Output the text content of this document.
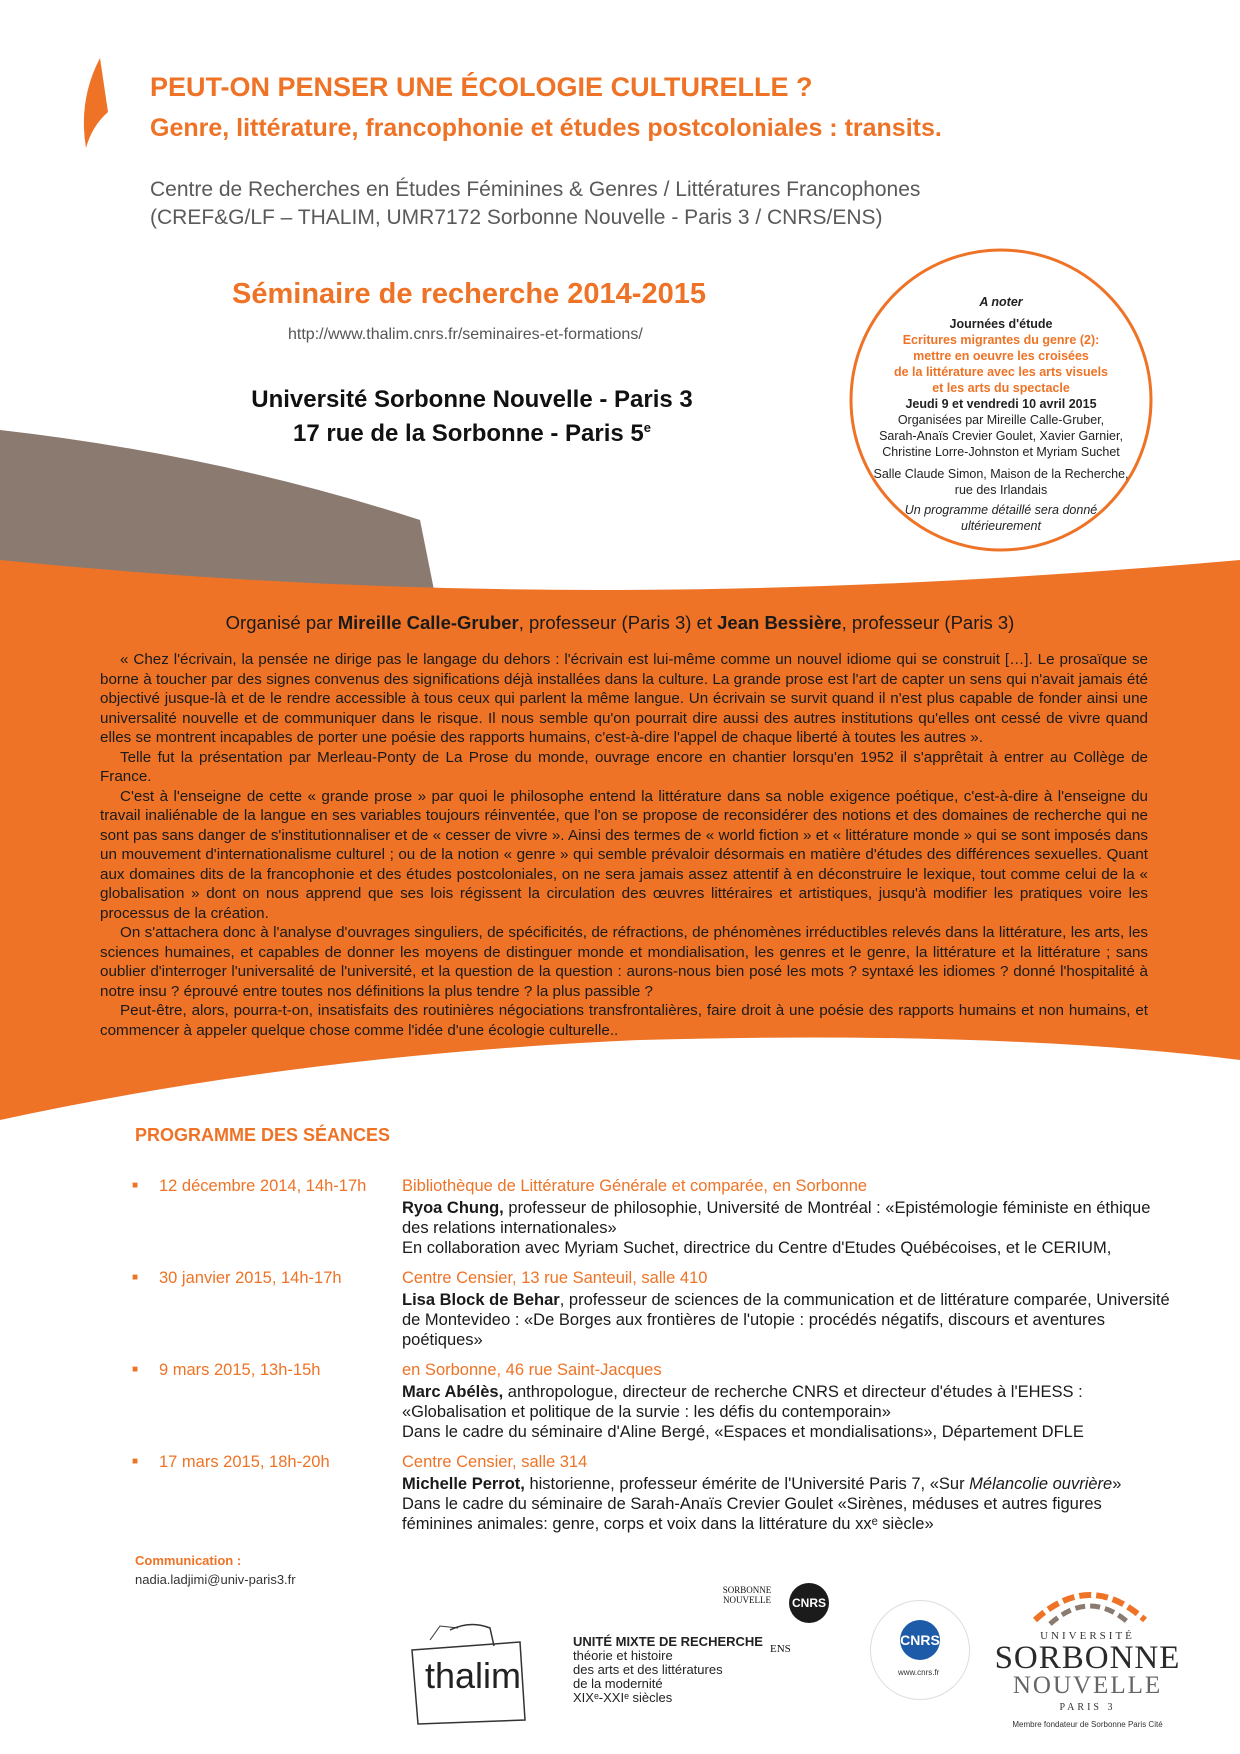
PEUT-ON PENSER UNE ÉCOLOGIE CULTURELLE ?
Genre, littérature, francophonie et études postcoloniales : transits.
Centre de Recherches en Études Féminines & Genres / Littératures Francophones
(CREF&G/LF – THALIM, UMR7172 Sorbonne Nouvelle - Paris 3 / CNRS/ENS)
Séminaire de recherche 2014-2015
http://www.thalim.cnrs.fr/seminaires-et-formations/
Université Sorbonne Nouvelle - Paris 3
17 rue de la Sorbonne - Paris 5e

A noter

Journées d'étude

Ecritures migrantes du genre (2):

mettre en oeuvre les croisées

de la littérature avec les arts visuels

et les arts du spectacle

Jeudi 9 et vendredi 10 avril 2015

Organisées par Mireille Calle-Gruber,

Sarah-Anaïs Crevier Goulet, Xavier Garnier,

Christine Lorre-Johnston et Myriam Suchet

Salle Claude Simon, Maison de la Recherche,

rue des Irlandais

Un programme détaillé sera donné

ultérieurement

Organisé par Mireille Calle-Gruber, professeur (Paris 3) et Jean Bessière, professeur (Paris 3)

« Chez l'écrivain, la pensée ne dirige pas le langage du dehors : l'écrivain est lui-même comme un nouvel idiome qui se construit […]. Le prosaïque se borne à toucher par des signes convenus des significations déjà installées dans la culture. La grande prose est l'art de capter un sens qui n'avait jamais été objectivé jusque-là et de le rendre accessible à tous ceux qui parlent la même langue. Un écrivain se survit quand il n'est plus capable de fonder ainsi une universalité nouvelle et de communiquer dans le risque. Il nous semble qu'on pourrait dire aussi des autres institutions qu'elles ont cessé de vivre quand elles se montrent incapables de porter une poésie des rapports humains, c'est-à-dire l'appel de chaque liberté à toutes les autres ».

Telle fut la présentation par Merleau-Ponty de La Prose du monde, ouvrage encore en chantier lorsqu'en 1952 il s'apprêtait à entrer au Collège de France.

C'est à l'enseigne de cette « grande prose » par quoi le philosophe entend la littérature dans sa noble exigence poétique, c'est-à-dire à l'enseigne du travail inaliénable de la langue en ses variables toujours réinventée, que l'on se propose de reconsidérer des notions et des domaines de recherche qui ne sont pas sans danger de s'institutionnaliser et de « cesser de vivre ». Ainsi des termes de « world fiction » et « littérature monde » qui se sont imposés dans un mouvement d'internationalisme culturel ; ou de la notion « genre » qui semble prévaloir désormais en matière d'études des différences sexuelles. Quant aux domaines dits de la francophonie et des études postcoloniales, on ne sera jamais assez attentif à en déconstruire le lexique, tout comme celui de la « globalisation » dont on nous apprend que ses lois régissent la circulation des œuvres littéraires et artistiques, jusqu'à modifier les pratiques voire les processus de la création.

On s'attachera donc à l'analyse d'ouvrages singuliers, de spécificités, de réfractions, de phénomènes irréductibles relevés dans la littérature, les arts, les sciences humaines, et capables de donner les moyens de distinguer monde et mondialisation, les genres et le genre, la littérature et la littérature ; sans oublier d'interroger l'universalité de l'université, et la question de la question : aurons-nous bien posé les mots ? syntaxé les idiomes ? donné l'hospitalité à notre insu ? éprouvé entre toutes nos définitions la plus tendre ? la plus passible ?

Peut-être, alors, pourra-t-on, insatisfaits des routinières négociations transfrontalières, faire droit à une poésie des rapports humains et non humains, et commencer à appeler quelque chose comme l'idée d'une écologie culturelle..

PROGRAMME DES SÉANCES
■ 12 décembre 2014, 14h-17h Bibliothèque de Littérature Générale et comparée, en Sorbonne
Ryoa Chung, professeur de philosophie, Université de Montréal : «Epistémologie féministe en éthique des relations internationales»
En collaboration avec Myriam Suchet, directrice du Centre d'Etudes Québécoises, et le CERIUM,
■ 30 janvier 2015, 14h-17h	Centre Censier, 13 rue Santeuil, salle 410
Lisa Block de Behar, professeur de sciences de la communication et de littérature comparée, Université de Montevideo : «De Borges aux frontières de l'utopie : procédés négatifs, discours et aventures poétiques»
■ 9 mars 2015, 13h-15h	en Sorbonne, 46 rue Saint-Jacques
Marc Abélès, anthropologue, directeur de recherche CNRS et directeur d'études à l'EHESS : «Globalisation et politique de la survie : les défis du contemporain»
Dans le cadre du séminaire d'Aline Bergé, «Espaces et mondialisations», Département DFLE
■ 17 mars 2015, 18h-20h	Centre Censier, salle 314
Michelle Perrot, historienne, professeur émérite de l'Université Paris 7, «Sur Mélancolie ouvrière»
Dans le cadre du séminaire de Sarah-Anaïs Crevier Goulet «Sirènes, méduses et autres figures féminines animales: genre, corps et voix dans la littérature du xxᵉ siècle»
Communication :
nadia.ladjimi@univ-paris3.fr
thalim
UNITÉ MIXTE DE RECHERCHE
théorie et histoire
des arts et des littératures
de la modernité
XIXᵉ-XXIᵉ siècles
SORBONNE NOUVELLE	CNRS
ENS
CNRS
www.cnrs.fr
UNIVERSITÉ
SORBONNE
NOUVELLE
PARIS 3
Membre fondateur de Sorbonne Paris Cité
